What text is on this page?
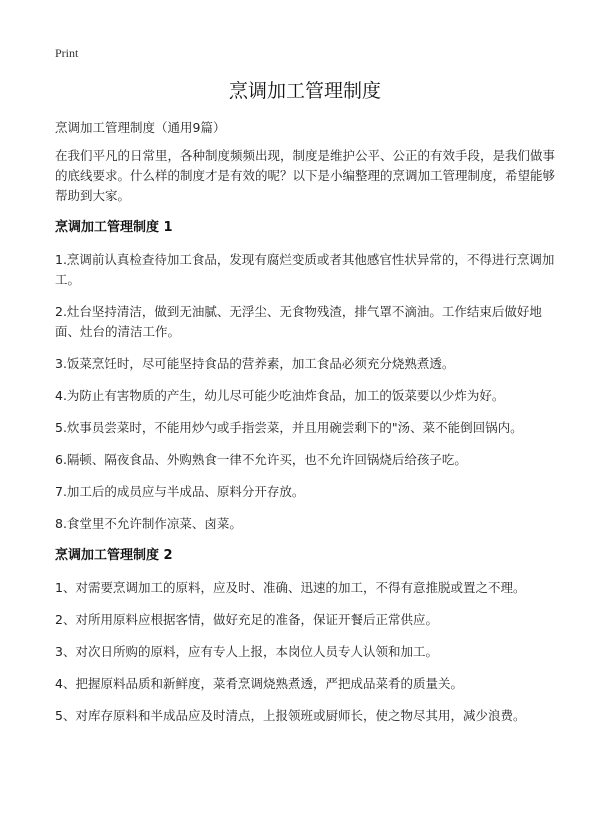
Print
烹调加工管理制度

烹调加工管理制度（通用9篇）

在我们平凡的日常里，各种制度频频出现，制度是维护公平、公正的有效手段，是我们做事的底线要求。什么样的制度才是有效的呢？以下是小编整理的烹调加工管理制度，希望能够帮助到大家。

烹调加工管理制度 1

1.烹调前认真检查待加工食品，发现有腐烂变质或者其他感官性状异常的，不得进行烹调加工。

2.灶台坚持清洁，做到无油腻、无浮尘、无食物残渣，排气罩不滴油。工作结束后做好地面、灶台的清洁工作。

3.饭菜烹饪时，尽可能坚持食品的营养素，加工食品必须充分烧熟煮透。

4.为防止有害物质的产生，幼儿尽可能少吃油炸食品，加工的饭菜要以少炸为好。

5.炊事员尝菜时，不能用炒勺或手指尝菜，并且用碗尝剩下的"汤、菜不能倒回锅内。

6.隔顿、隔夜食品、外购熟食一律不允许买，也不允许回锅烧后给孩子吃。

7.加工后的成员应与半成品、原料分开存放。

8.食堂里不允许制作凉菜、卤菜。

烹调加工管理制度 2

1、对需要烹调加工的原料，应及时、准确、迅速的加工，不得有意推脱或置之不理。

2、对所用原料应根据客情，做好充足的准备，保证开餐后正常供应。

3、对次日所购的原料，应有专人上报，本岗位人员专人认领和加工。

4、把握原料品质和新鲜度，菜肴烹调烧熟煮透，严把成品菜肴的质量关。

5、对库存原料和半成品应及时清点，上报领班或厨师长，使之物尽其用，减少浪费。
